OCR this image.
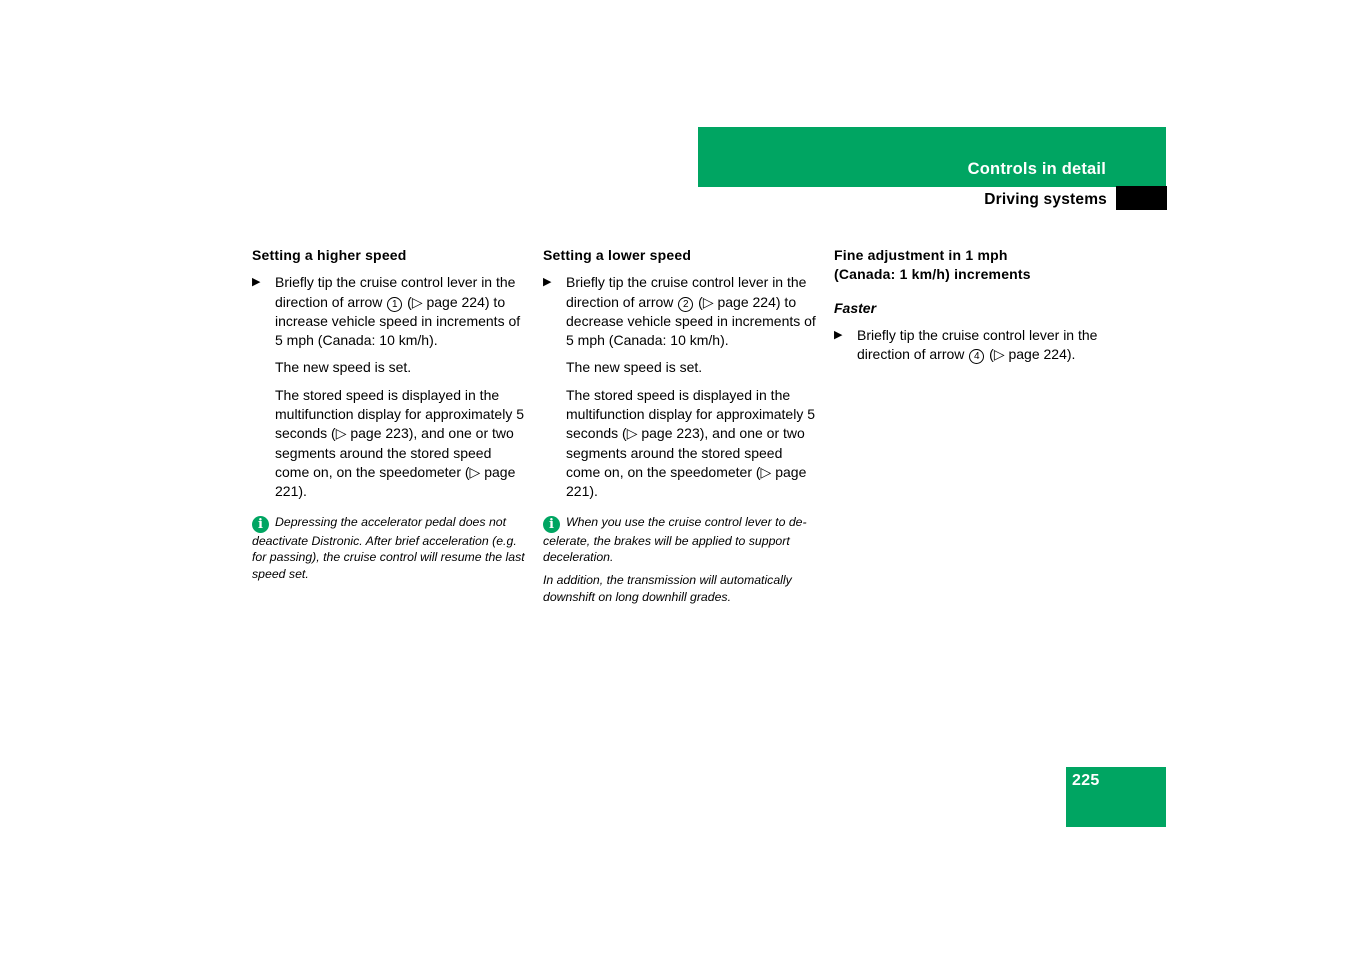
Controls in detail
Driving systems
Setting a higher speed
▶ Briefly tip the cruise control lever in the direction of arrow 1 (▷ page 224) to increase vehicle speed in increments of 5 mph (Canada: 10 km/h).

The new speed is set.

The stored speed is displayed in the multifunction display for approximately 5 seconds (▷ page 223), and one or two segments around the stored speed come on, on the speedometer (▷ page 221).

i Depressing the accelerator pedal does not deactivate Distronic. After brief acceleration (e.g. for passing), the cruise control will resume the last speed set.
Setting a lower speed
▶ Briefly tip the cruise control lever in the direction of arrow 2 (▷ page 224) to decrease vehicle speed in increments of 5 mph (Canada: 10 km/h).

The new speed is set.

The stored speed is displayed in the multifunction display for approximately 5 seconds (▷ page 223), and one or two segments around the stored speed come on, on the speedometer (▷ page 221).

i When you use the cruise control lever to de-celerate, the brakes will be applied to support deceleration.
In addition, the transmission will automatically downshift on long downhill grades.
Fine adjustment in 1 mph
(Canada: 1 km/h) increments
Faster
▶ Briefly tip the cruise control lever in the direction of arrow 4 (▷ page 224).
225
